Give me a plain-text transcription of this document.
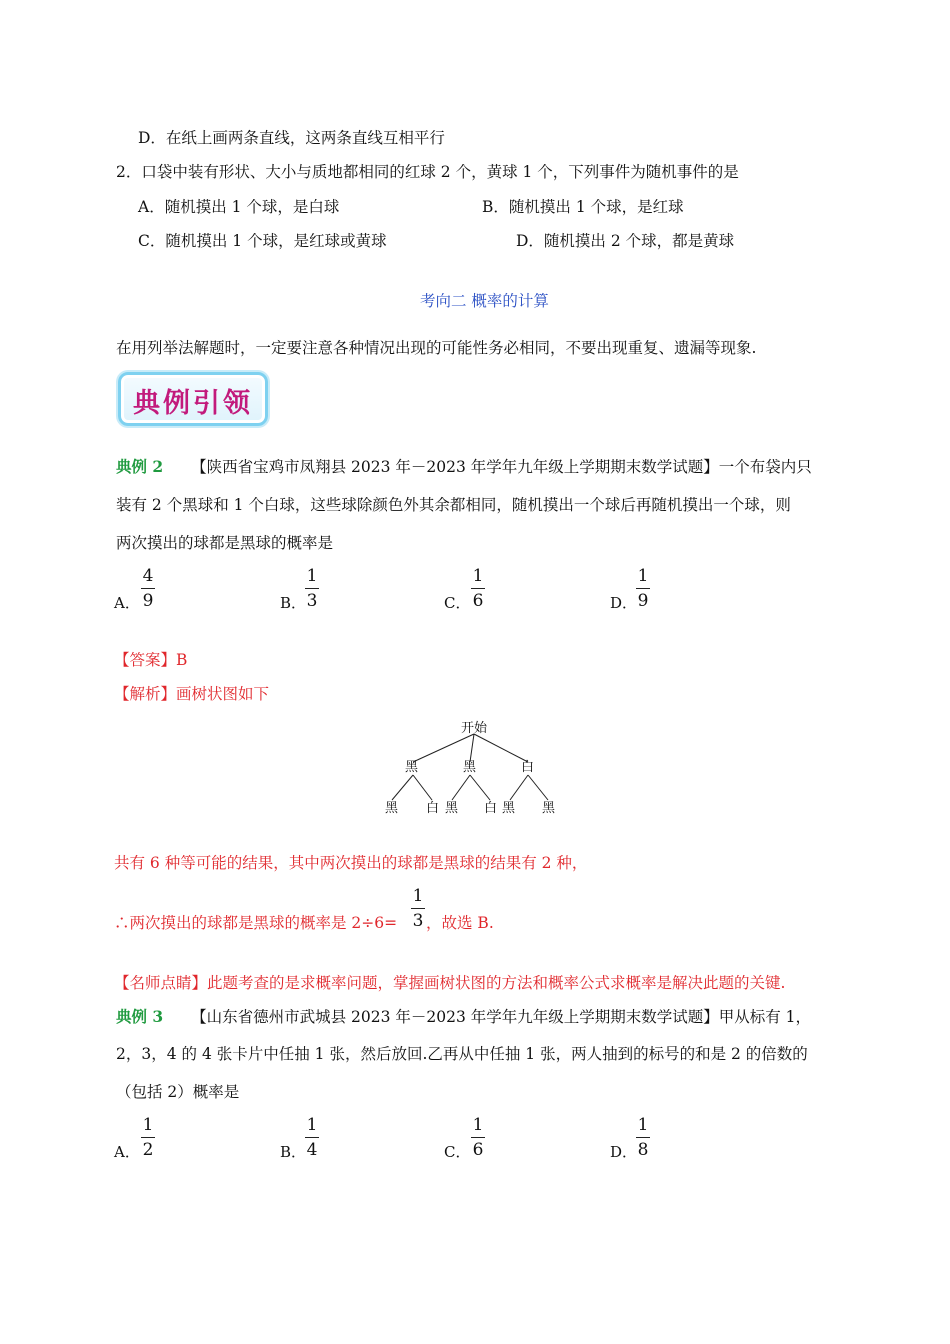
D．在纸上画两条直线，这两条直线互相平行
2．口袋中装有形状、大小与质地都相同的红球 2 个，黄球 1 个，下列事件为随机事件的是
A．随机摸出 1 个球，是白球	B．随机摸出 1 个球，是红球
C．随机摸出 1 个球，是红球或黄球	D．随机摸出 2 个球，都是黄球
考向二 概率的计算
在用列举法解题时，一定要注意各种情况出现的可能性务必相同，不要出现重复、遗漏等现象.
典例引领
典例 2 【陕西省宝鸡市凤翔县 2023 年－2023 年学年九年级上学期期末数学试题】一个布袋内只
装有 2 个黑球和 1 个白球，这些球除颜色外其余都相同，随机摸出一个球后再随机摸出一个球，则
两次摸出的球都是黑球的概率是
A．
4
9	B．
1
3	C．
1
6	D．
1
9
【答案】B
【解析】画树状图如下
开始
黑	黑	白
黑 白 黑 白 黑 黑
共有 6 种等可能的结果，其中两次摸出的球都是黑球的结果有 2 种，
∴两次摸出的球都是黑球的概率是 2÷6=
1
3 ，故选 B.
【名师点睛】此题考查的是求概率问题，掌握画树状图的方法和概率公式求概率是解决此题的关键.
典例 3 【山东省德州市武城县 2023 年－2023 年学年九年级上学期期末数学试题】甲从标有 1，
2，3，4 的 4 张卡片中任抽 1 张，然后放回.乙再从中任抽 1 张，两人抽到的标号的和是 2 的倍数的
（包括 2）概率是
A．
1
2	B．
1
4	C．
1
6	D．
1
8
